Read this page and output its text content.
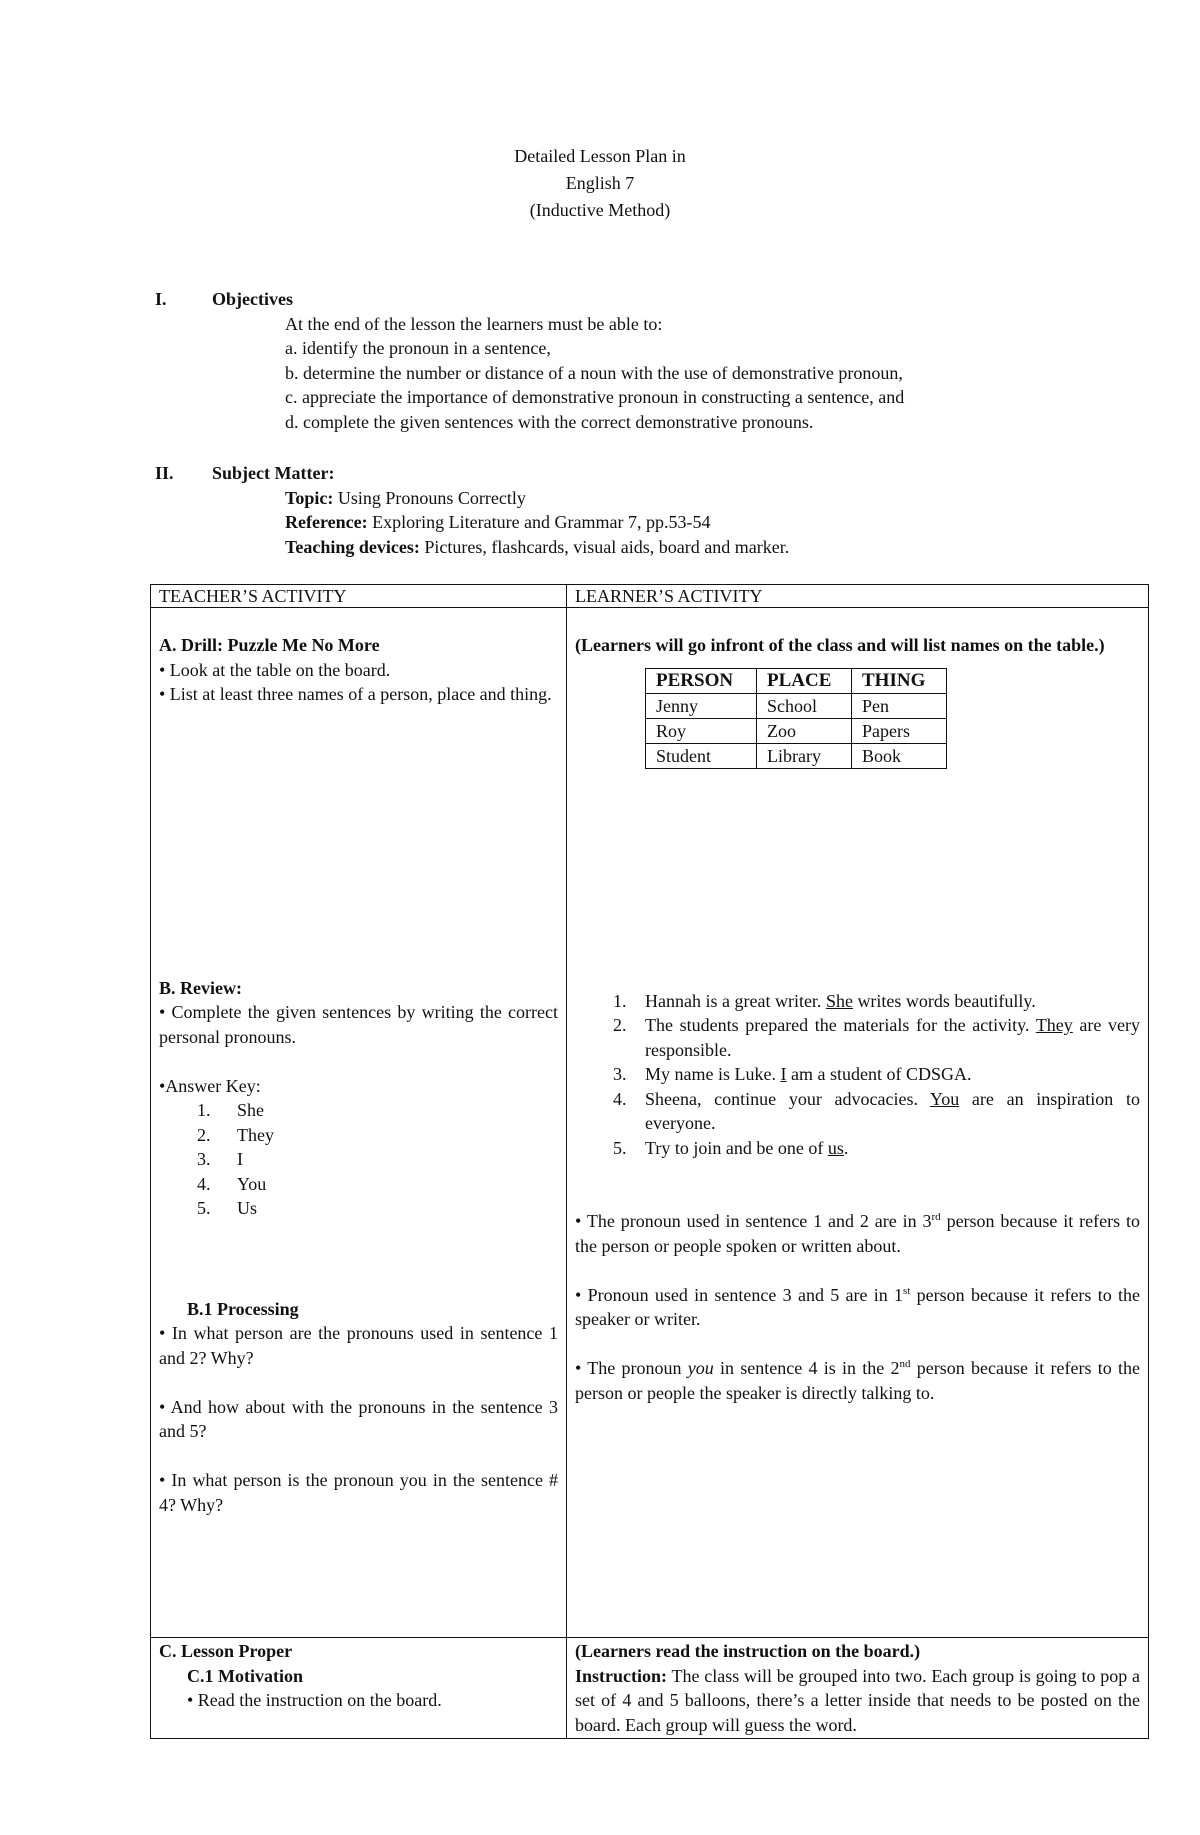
Detailed Lesson Plan in
English 7
(Inductive Method)
I.	Objectives
At the end of the lesson the learners must be able to:
a. identify the pronoun in a sentence,
b. determine the number or distance of a noun with the use of demonstrative pronoun,
c. appreciate the importance of demonstrative pronoun in constructing a sentence, and
d. complete the given sentences with the correct demonstrative pronouns.
II.	Subject Matter:
Topic: Using Pronouns Correctly
Reference: Exploring Literature and Grammar 7, pp.53-54
Teaching devices: Pictures, flashcards, visual aids, board and marker.
TEACHER’S ACTIVITY	LEARNER’S ACTIVITY

A. Drill: Puzzle Me No More
• Look at the table on the board.
• List at least three names of a person, place and thing.
B. Review:
• Complete the given sentences by writing the correct personal pronouns.
•Answer Key:
1. She
2. They
3. I
4. You
5. Us
B.1 Processing
• In what person are the pronouns used in sentence 1 and 2? Why?
• And how about with the pronouns in the sentence 3 and 5?
• In what person is the pronoun you in the sentence # 4? Why?

(Learners will go infront of the class and will list names on the table.)
PERSON	PLACE	THING
Jenny	School	Pen
Roy	Zoo	Papers
Student	Library	Book
1. Hannah is a great writer. She writes words beautifully.
2. The students prepared the materials for the activity. They are very responsible.
3. My name is Luke. I am a student of CDSGA.
4. Sheena, continue your advocacies. You are an inspiration to everyone.
5. Try to join and be one of us.
• The pronoun used in sentence 1 and 2 are in 3rd person because it refers to the person or people spoken or written about.
• Pronoun used in sentence 3 and 5 are in 1st person because it refers to the speaker or writer.
• The pronoun you in sentence 4 is in the 2nd person because it refers to the person or people the speaker is directly talking to.

C. Lesson Proper
C.1 Motivation
• Read the instruction on the board.

(Learners read the instruction on the board.)
Instruction: The class will be grouped into two. Each group is going to pop a set of 4 and 5 balloons, there’s a letter inside that needs to be posted on the board. Each group will guess the word.
